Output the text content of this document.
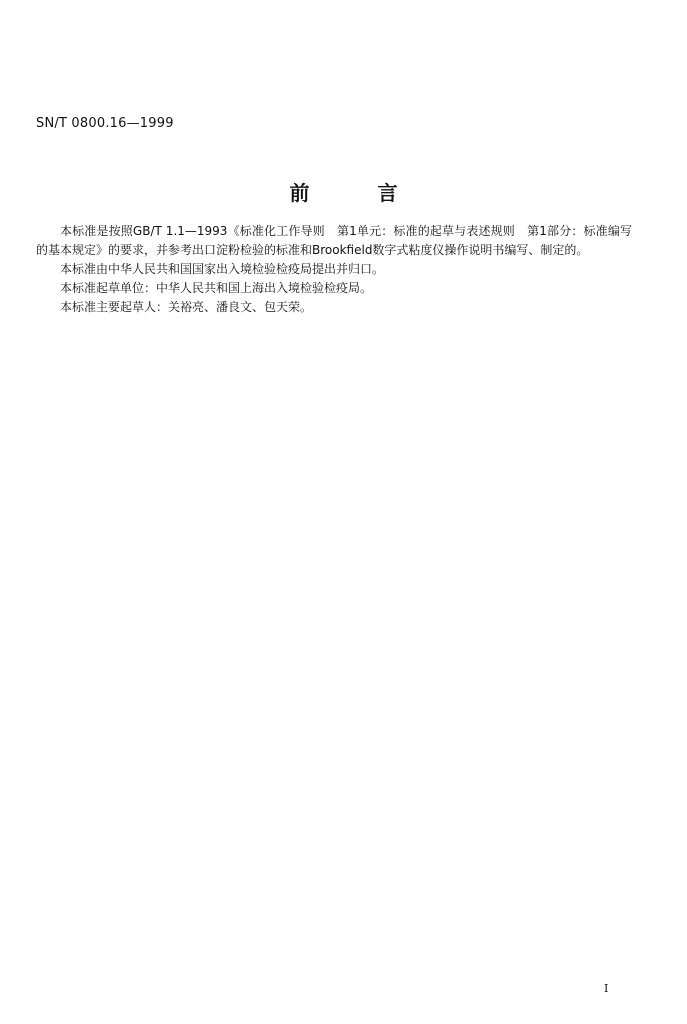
SN/T 0800.16—1999
前言

本标准是按照GB/T 1.1—1993《标准化工作导则　第1单元：标准的起草与表述规则　第1部分：标准编写的基本规定》的要求，并参考出口淀粉检验的标准和Brookfield数字式粘度仪操作说明书编写、制定的。

本标准由中华人民共和国国家出入境检验检疫局提出并归口。

本标准起草单位：中华人民共和国上海出入境检验检疫局。

本标准主要起草人：关裕亮、潘良文、包天荣。

I
